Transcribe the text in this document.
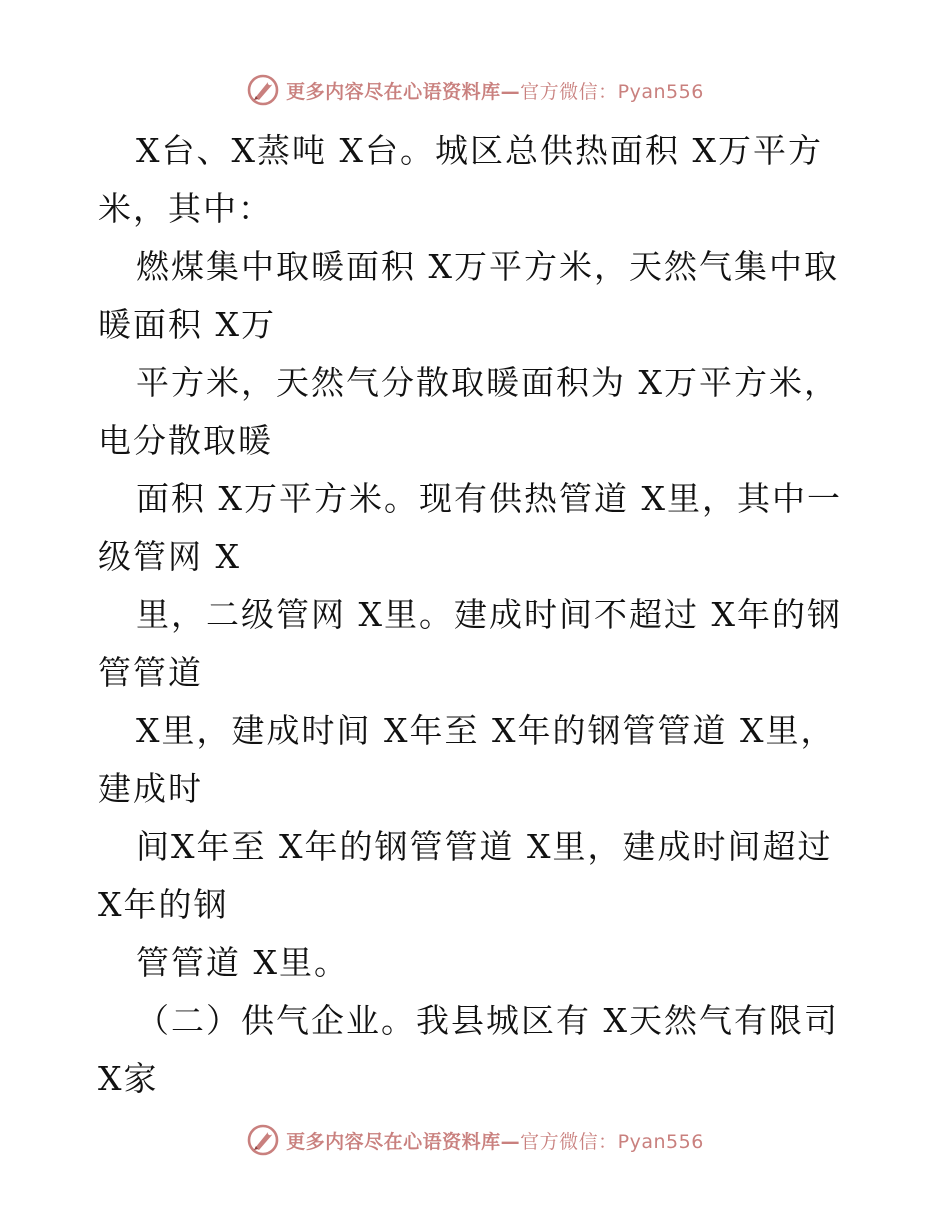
更多内容尽在心语资料库—官方微信：Pyan556
X台、X蒸吨 X台。城区总供热面积 X万平方
米，其中：
燃煤集中取暖面积 X万平方米，天然气集中取
暖面积 X万
平方米，天然气分散取暖面积为 X万平方米，
电分散取暖
面积 X万平方米。现有供热管道 X里，其中一
级管网 X
里，二级管网 X里。建成时间不超过 X年的钢
管管道
X里，建成时间 X年至 X年的钢管管道 X里，
建成时
间X年至 X年的钢管管道 X里，建成时间超过
X年的钢
管管道 X里。
（二）供气企业。我县城区有 X天然气有限司
X家
更多内容尽在心语资料库—官方微信：Pyan556
